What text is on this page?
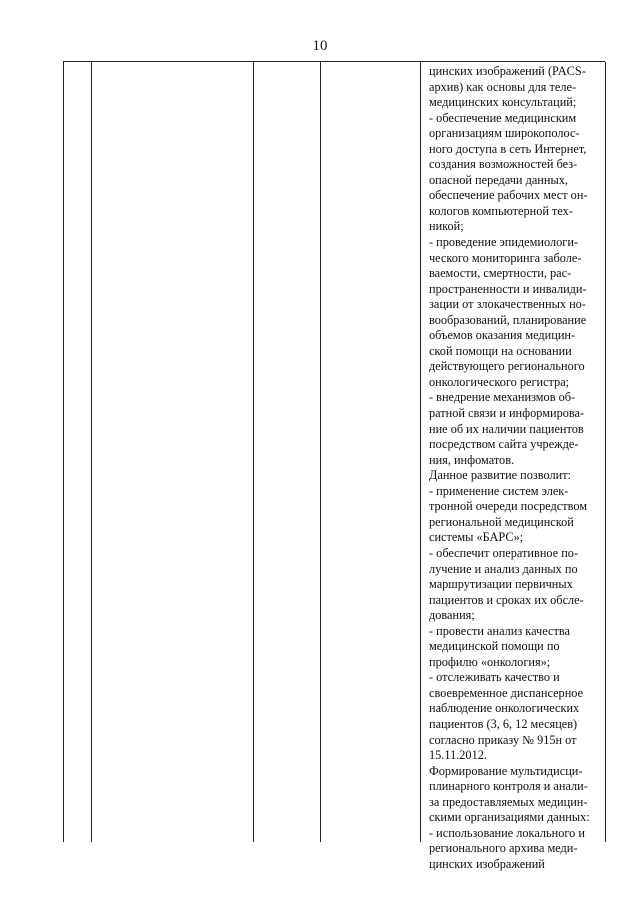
10
цинских изображений (PACS-
архив) как основы для теле-
медицинских консультаций;
- обеспечение медицинским
организациям широкополос-
ного доступа в сеть Интернет,
создания возможностей без-
опасной передачи данных,
обеспечение рабочих мест он-
кологов компьютерной тех-
никой;
- проведение эпидемиологи-
ческого мониторинга заболе-
ваемости, смертности, рас-
пространенности и инвалиди-
зации от злокачественных но-
вообразований, планирование
объемов оказания медицин-
ской помощи на основании
действующего регионального
онкологического регистра;
- внедрение механизмов об-
ратной связи и информирова-
ние об их наличии пациентов
посредством сайта учрежде-
ния, инфоматов.
Данное развитие позволит:
- применение систем элек-
тронной очереди посредством
региональной медицинской
системы «БАРС»;
- обеспечит оперативное по-
лучение и анализ данных по
маршрутизации первичных
пациентов и сроках их обсле-
дования;
- провести анализ качества
медицинской помощи по
профилю «онкология»;
- отслеживать качество и
своевременное диспансерное
наблюдение онкологических
пациентов (3, 6, 12 месяцев)
согласно приказу № 915н от
15.11.2012.
Формирование мультидисци-
плинарного контроля и анали-
за предоставляемых медицин-
скими организациями данных:
- использование локального и
регионального архива меди-
цинских изображений
